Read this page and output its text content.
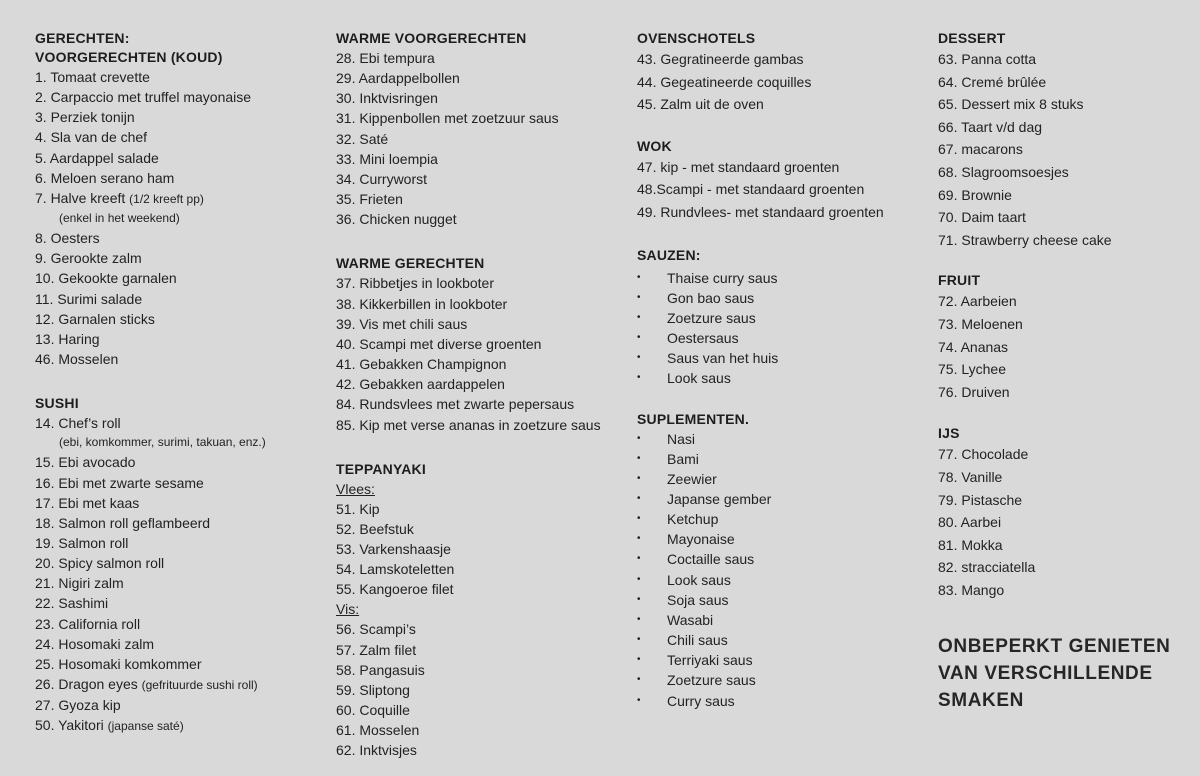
GERECHTEN:
VOORGERECHTEN (KOUD)
1. Tomaat crevette
2. Carpaccio met truffel mayonaise
3. Perziek tonijn
4. Sla van de chef
5. Aardappel salade
6. Meloen serano ham
7. Halve kreeft (1/2 kreeft pp)
(enkel in het weekend)
8. Oesters
9. Gerookte zalm
10. Gekookte garnalen
11. Surimi salade
12. Garnalen sticks
13. Haring
46. Mosselen
SUSHI
14. Chef’s roll
(ebi, komkommer, surimi, takuan, enz.)
15. Ebi avocado
16. Ebi met zwarte sesame
17. Ebi met kaas
18. Salmon roll geflambeerd
19. Salmon roll
20. Spicy salmon roll
21. Nigiri zalm
22. Sashimi
23. California roll
24. Hosomaki zalm
25. Hosomaki komkommer
26. Dragon eyes (gefrituurde sushi roll)
27. Gyoza kip
50. Yakitori (japanse saté)
WARME VOORGERECHTEN
28. Ebi tempura
29. Aardappelbollen
30. Inktvisringen
31. Kippenbollen met zoetzuur saus
32. Saté
33. Mini loempia
34. Curryworst
35. Frieten
36. Chicken nugget
WARME GERECHTEN
37. Ribbetjes in lookboter
38. Kikkerbillen in lookboter
39. Vis met chili saus
40. Scampi met diverse groenten
41. Gebakken Champignon
42. Gebakken aardappelen
84. Rundsvlees met zwarte pepersaus
85. Kip met verse ananas in zoetzure saus
TEPPANYAKI
Vlees:
51. Kip
52. Beefstuk
53. Varkenshaasje
54. Lamskoteletten
55. Kangoeroe filet
Vis:
56. Scampi’s
57. Zalm filet
58. Pangasuis
59. Sliptong
60. Coquille
61. Mosselen
62. Inktvisjes
OVENSCHOTELS
43. Gegratineerde gambas
44. Gegeatineerde coquilles
45. Zalm uit de oven
WOK
47. kip - met standaard groenten
48.Scampi - met standaard groenten
49. Rundvlees- met standaard groenten
SAUZEN:
• Thaise curry saus
• Gon bao saus
• Zoetzure saus
• Oestersaus
• Saus van het huis
• Look saus
SUPLEMENTEN.
• Nasi
• Bami
• Zeewier
• Japanse gember
• Ketchup
• Mayonaise
• Coctaille saus
• Look saus
• Soja saus
• Wasabi
• Chili saus
• Terriyaki saus
• Zoetzure saus
• Curry saus
DESSERT
63. Panna cotta
64. Cremé brûlée
65. Dessert mix 8 stuks
66. Taart v/d dag
67. macarons
68. Slagroomsoesjes
69. Brownie
70. Daim taart
71. Strawberry cheese cake
FRUIT
72. Aarbeien
73. Meloenen
74. Ananas
75. Lychee
76. Druiven
IJS
77. Chocolade
78. Vanille
79. Pistasche
80. Aarbei
81. Mokka
82. stracciatella
83. Mango
ONBEPERKT GENIETEN
VAN VERSCHILLENDE
SMAKEN
